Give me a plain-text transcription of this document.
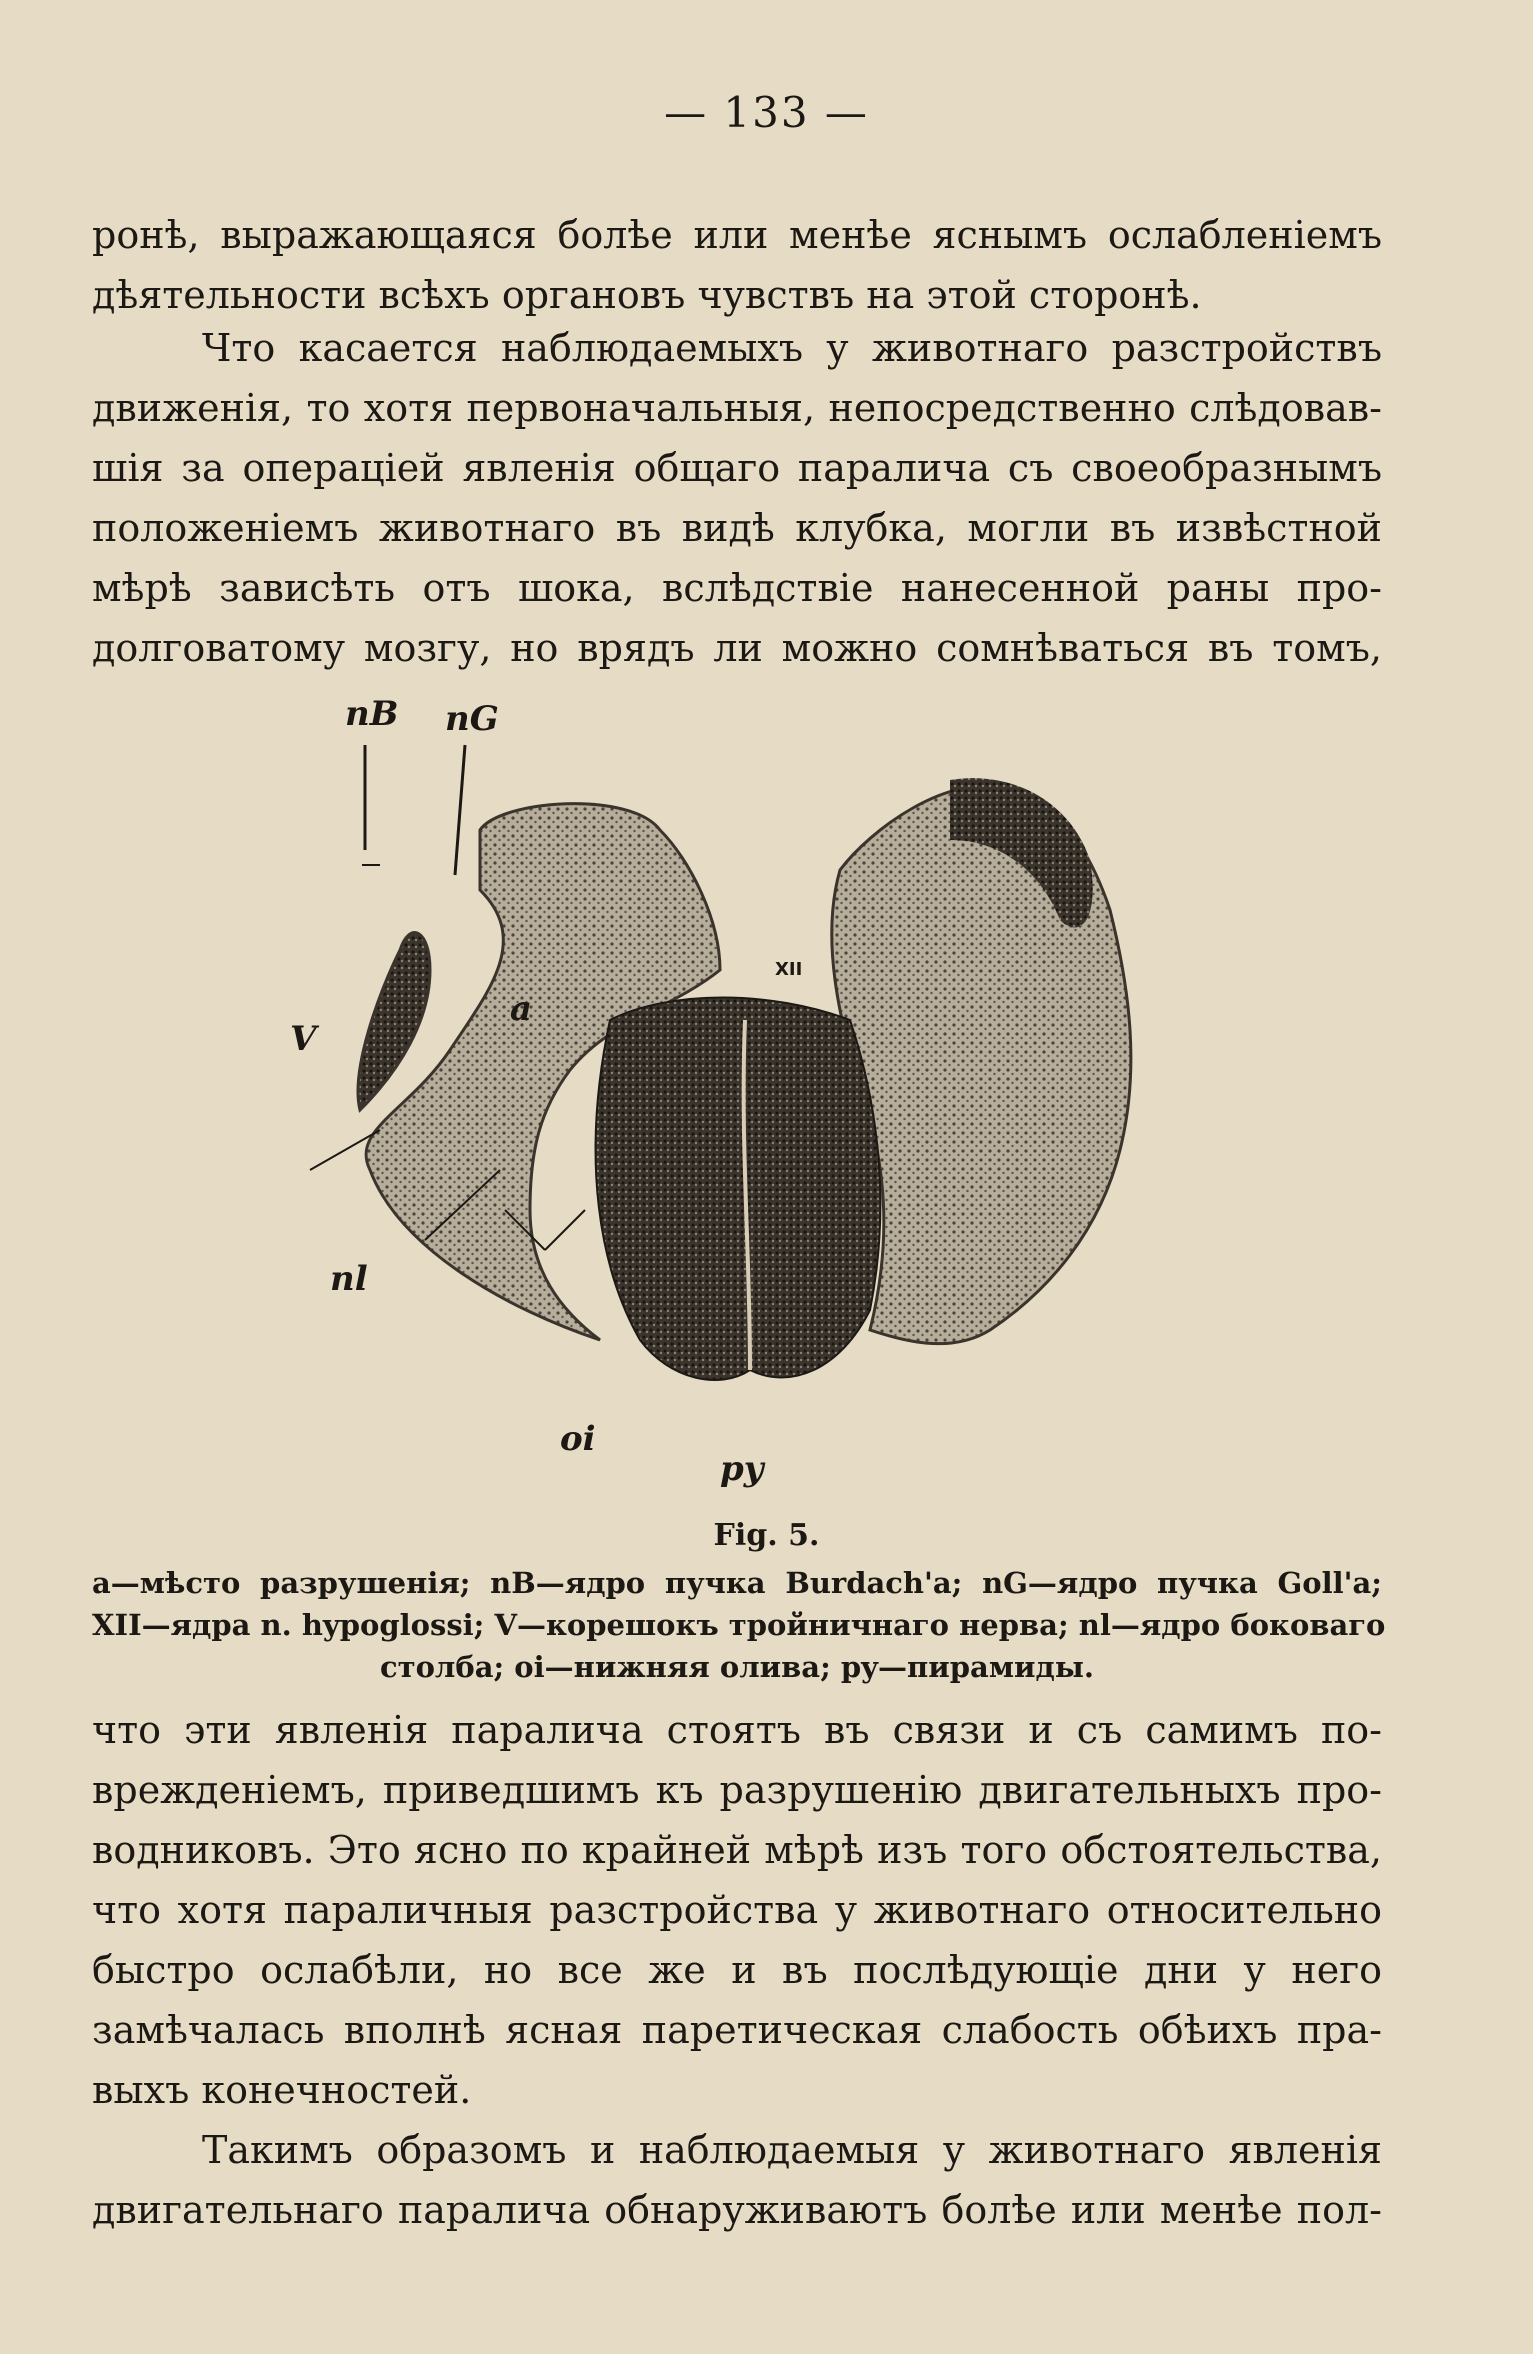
— 133 —

ронѣ, выражающаяся болѣе или менѣе яснымъ ослабленіемъ
дѣятельности всѣхъ органовъ чувствъ на этой сторонѣ.

Что касается наблюдаемыхъ у животнаго разстройствъ
движенія, то хотя первоначальныя, непосредственно слѣдовав-
шія за операціей явленія общаго паралича съ своеобразнымъ
положеніемъ животнаго въ видѣ клубка, могли въ извѣстной
мѣрѣ зависѣть отъ шока, вслѣдствіе нанесенной раны про-
долговатому мозгу, но врядъ ли можно сомнѣваться въ томъ,

nB nG
XII
a
V
nl
oi
py
Fig. 5.
a—мѣсто разрушенія; nB—ядро пучка Burdach'a; nG—ядро пучка Goll'a;
XII—ядра n. hypoglossi; V—корешокъ тройничнаго нерва; nl—ядро боковаго
столба; oi—нижняя олива; py—пирамиды.

что эти явленія паралича стоятъ въ связи и съ самимъ по-
врежденіемъ, приведшимъ къ разрушенію двигательныхъ про-
водниковъ. Это ясно по крайней мѣрѣ изъ того обстоятельства,
что хотя параличныя разстройства у животнаго относительно
быстро ослабѣли, но все же и въ послѣдующіе дни у него
замѣчалась вполнѣ ясная паретическая слабость обѣихъ пра-
выхъ конечностей.

Такимъ образомъ и наблюдаемыя у животнаго явленія
двигательнаго паралича обнаруживаютъ болѣе или менѣе пол-
